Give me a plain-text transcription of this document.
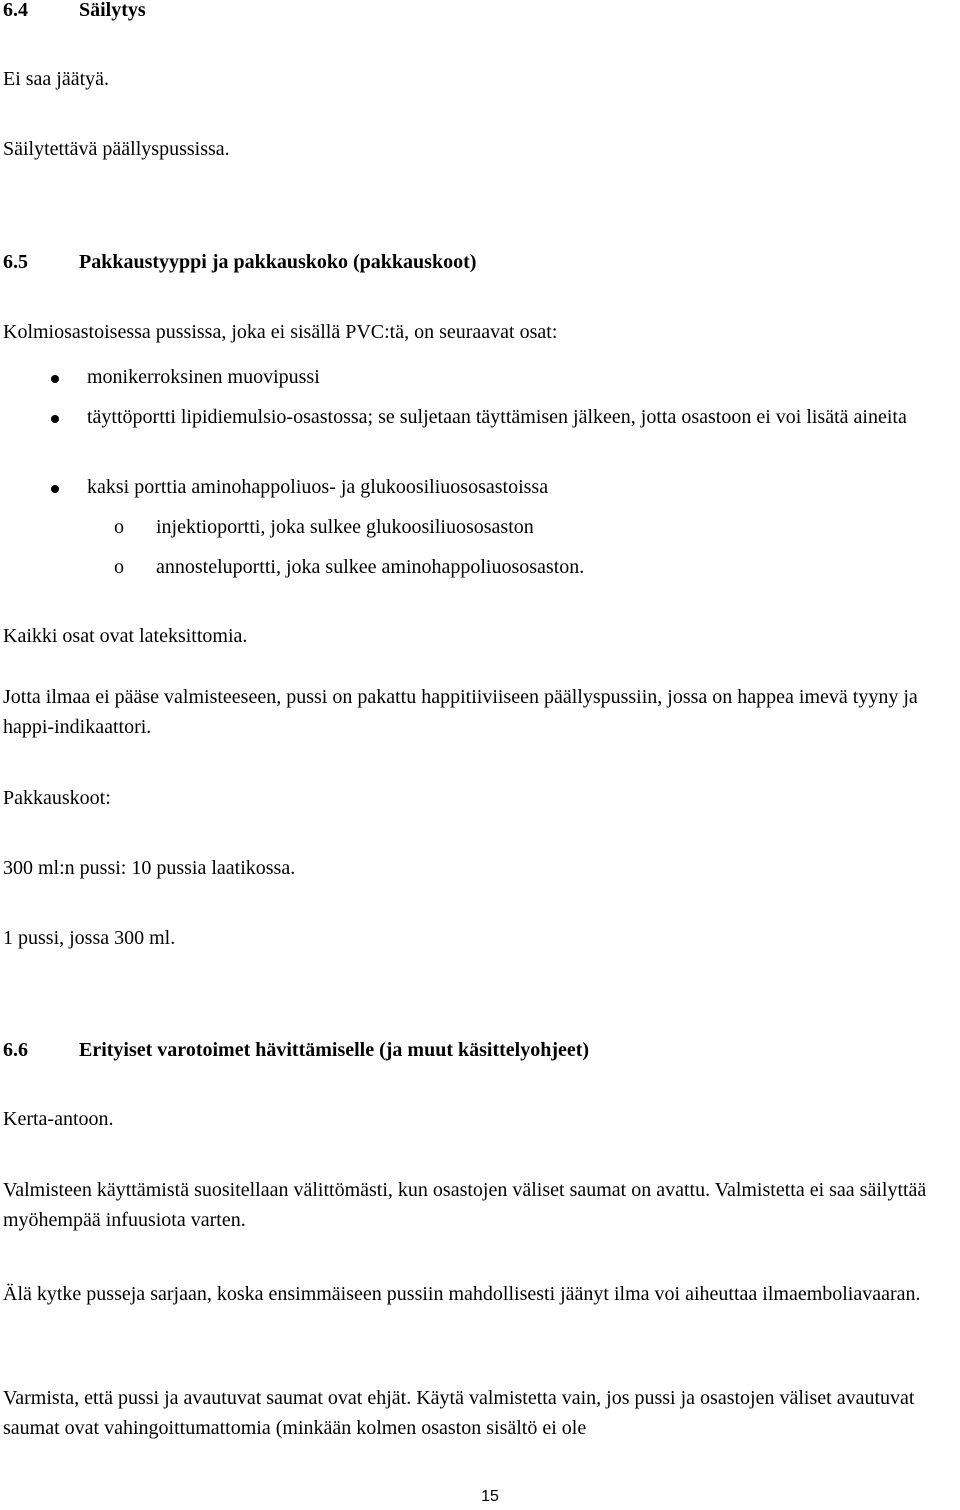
6.4	Säilytys

Ei saa jäätyä.

Säilytettävä päällyspussissa.

6.5	Pakkaustyyppi ja pakkauskoko (pakkauskoot)

Kolmiosastoisessa pussissa, joka ei sisällä PVC:tä, on seuraavat osat:

monikerroksinen muovipussi
täyttöportti lipidiemulsio-osastossa; se suljetaan täyttämisen jälkeen, jotta osastoon ei voi lisätä aineita
kaksi porttia aminohappoliuos- ja glukoosiliuososastoissa
o injektioportti, joka sulkee glukoosiliuososaston
o annosteluportti, joka sulkee aminohappoliuososaston.

Kaikki osat ovat lateksittomia.

Jotta ilmaa ei pääse valmisteeseen, pussi on pakattu happitiiviiseen päällyspussiin, jossa on happea imevä tyyny ja happi-indikaattori.

Pakkauskoot:

300 ml:n pussi: 10 pussia laatikossa.

1 pussi, jossa 300 ml.

6.6	Erityiset varotoimet hävittämiselle (ja muut käsittelyohjeet)

Kerta-antoon.

Valmisteen käyttämistä suositellaan välittömästi, kun osastojen väliset saumat on avattu. Valmistetta ei saa säilyttää myöhempää infuusiota varten.

Älä kytke pusseja sarjaan, koska ensimmäiseen pussiin mahdollisesti jäänyt ilma voi aiheuttaa ilmaemboliavaaran.

Varmista, että pussi ja avautuvat saumat ovat ehjät. Käytä valmistetta vain, jos pussi ja osastojen väliset avautuvat saumat ovat vahingoittumattomia (minkään kolmen osaston sisältö ei ole

15
